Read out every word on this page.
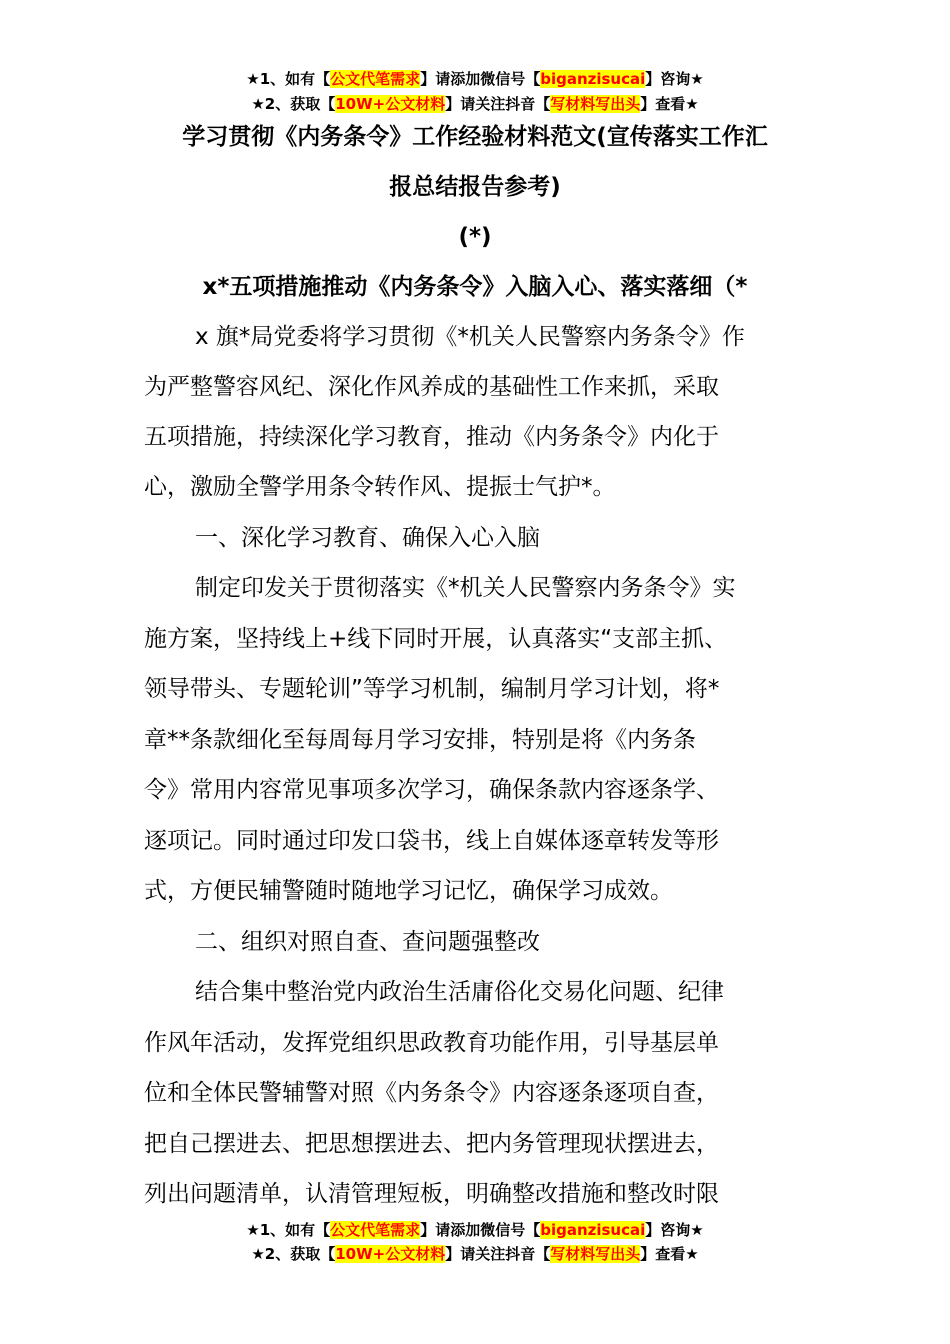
★1、如有【公文代笔需求】请添加微信号【biganzisucai】咨询★
★2、获取【10W+公文材料】请关注抖音【写材料写出头】查看★
学习贯彻《内务条令》工作经验材料范文(宣传落实工作汇
报总结报告参考)
(*)
x*五项措施推动《内务条令》入脑入心、落实落细（*
x 旗*局党委将学习贯彻《*机关人民警察内务条令》作
为严整警容风纪、深化作风养成的基础性工作来抓，采取
五项措施，持续深化学习教育，推动《内务条令》内化于
心，激励全警学用条令转作风、提振士气护*。
一、深化学习教育、确保入心入脑
制定印发关于贯彻落实《*机关人民警察内务条令》实
施方案，坚持线上+线下同时开展，认真落实“支部主抓、
领导带头、专题轮训”等学习机制，编制月学习计划，将*
章**条款细化至每周每月学习安排，特别是将《内务条
令》常用内容常见事项多次学习，确保条款内容逐条学、
逐项记。同时通过印发口袋书，线上自媒体逐章转发等形
式，方便民辅警随时随地学习记忆，确保学习成效。
二、组织对照自查、查问题强整改
结合集中整治党内政治生活庸俗化交易化问题、纪律
作风年活动，发挥党组织思政教育功能作用，引导基层单
位和全体民警辅警对照《内务条令》内容逐条逐项自查，
把自己摆进去、把思想摆进去、把内务管理现状摆进去，
列出问题清单，认清管理短板，明确整改措施和整改时限
★1、如有【公文代笔需求】请添加微信号【biganzisucai】咨询★
★2、获取【10W+公文材料】请关注抖音【写材料写出头】查看★
